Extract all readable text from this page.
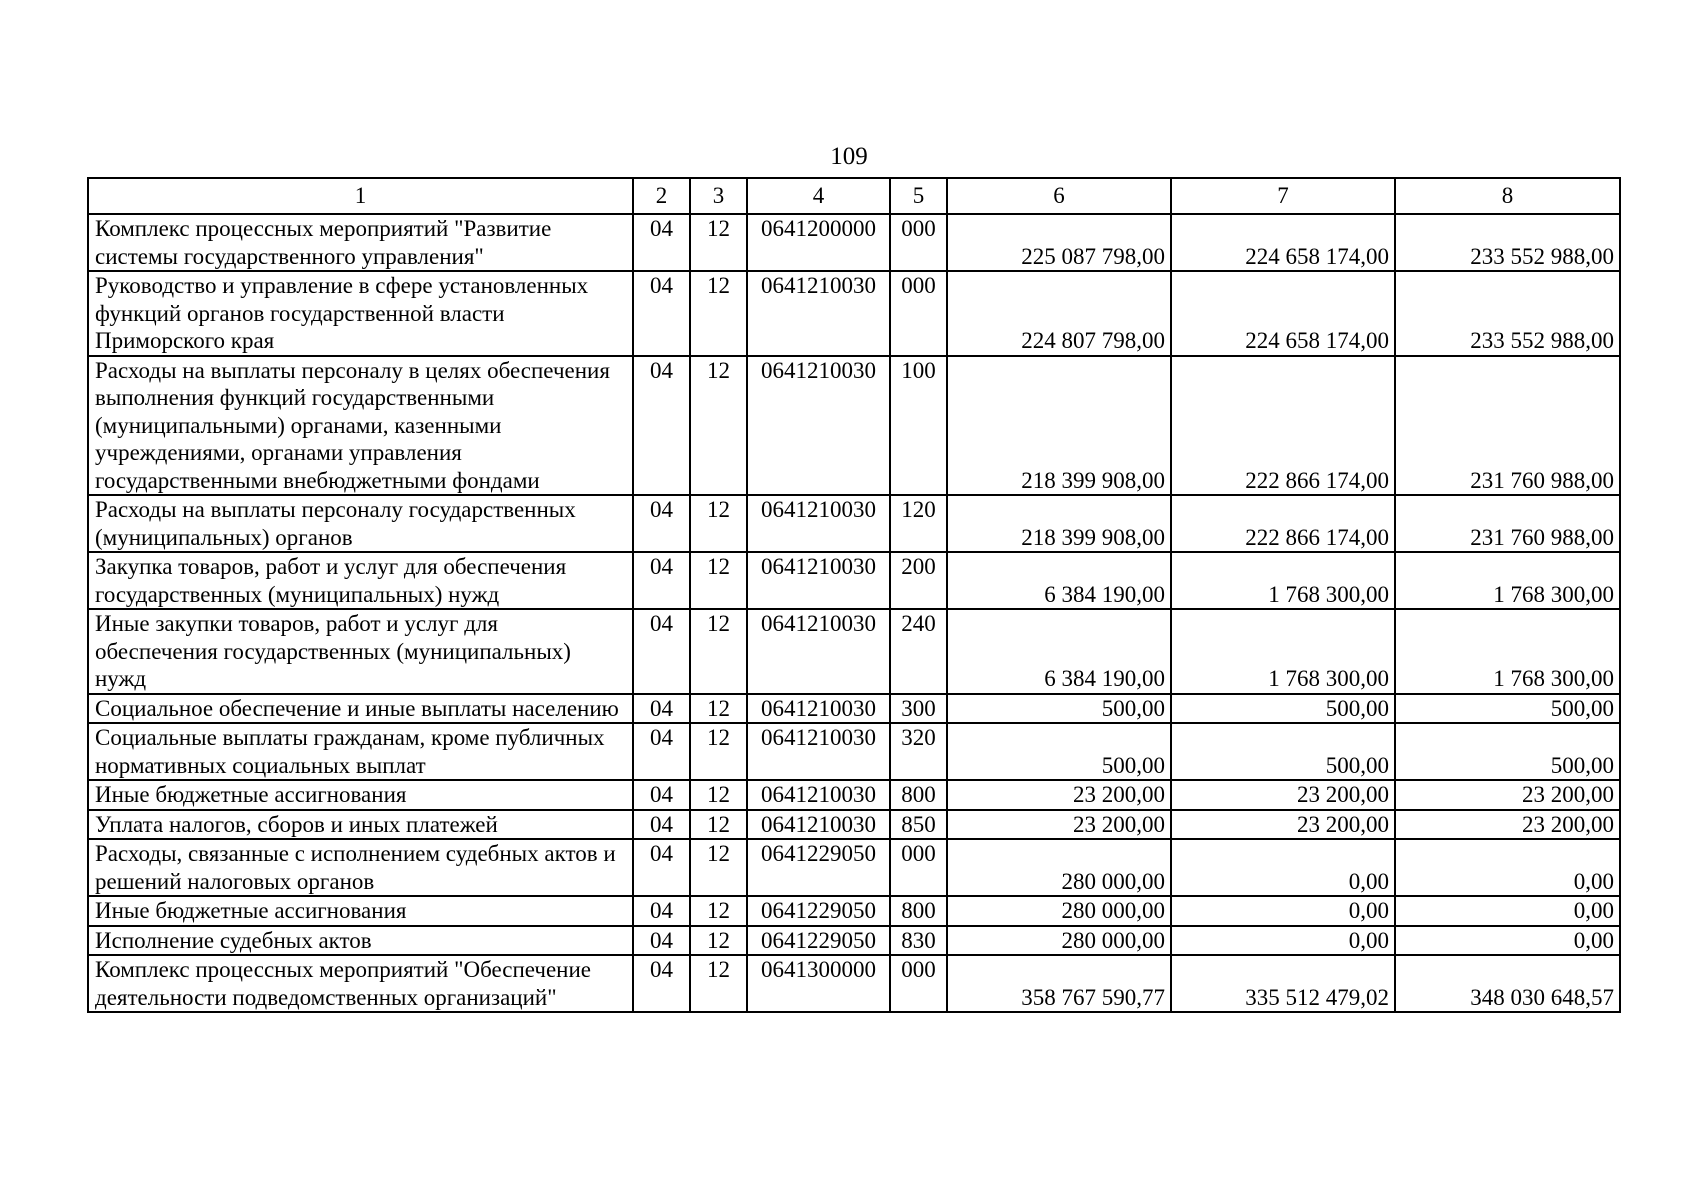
109
1	2	3	4	5	6	7	8
Комплекс процессных мероприятий "Развитие системы государственного управления"	04	12	0641200000	000	225 087 798,00	224 658 174,00	233 552 988,00
Руководство и управление в сфере установленных функций органов государственной власти Приморского края	04	12	0641210030	000	224 807 798,00	224 658 174,00	233 552 988,00
Расходы на выплаты персоналу в целях обеспечения выполнения функций государственными (муниципальными) органами, казенными учреждениями, органами управления государственными внебюджетными фондами	04	12	0641210030	100	218 399 908,00	222 866 174,00	231 760 988,00
Расходы на выплаты персоналу государственных (муниципальных) органов	04	12	0641210030	120	218 399 908,00	222 866 174,00	231 760 988,00
Закупка товаров, работ и услуг для обеспечения государственных (муниципальных) нужд	04	12	0641210030	200	6 384 190,00	1 768 300,00	1 768 300,00
Иные закупки товаров, работ и услуг для обеспечения государственных (муниципальных) нужд	04	12	0641210030	240	6 384 190,00	1 768 300,00	1 768 300,00
Социальное обеспечение и иные выплаты населению	04	12	0641210030	300	500,00	500,00	500,00
Социальные выплаты гражданам, кроме публичных нормативных социальных выплат	04	12	0641210030	320	500,00	500,00	500,00
Иные бюджетные ассигнования	04	12	0641210030	800	23 200,00	23 200,00	23 200,00
Уплата налогов, сборов и иных платежей	04	12	0641210030	850	23 200,00	23 200,00	23 200,00
Расходы, связанные с исполнением судебных актов и решений налоговых органов	04	12	0641229050	000	280 000,00	0,00	0,00
Иные бюджетные ассигнования	04	12	0641229050	800	280 000,00	0,00	0,00
Исполнение судебных актов	04	12	0641229050	830	280 000,00	0,00	0,00
Комплекс процессных мероприятий "Обеспечение деятельности подведомственных организаций"	04	12	0641300000	000	358 767 590,77	335 512 479,02	348 030 648,57
